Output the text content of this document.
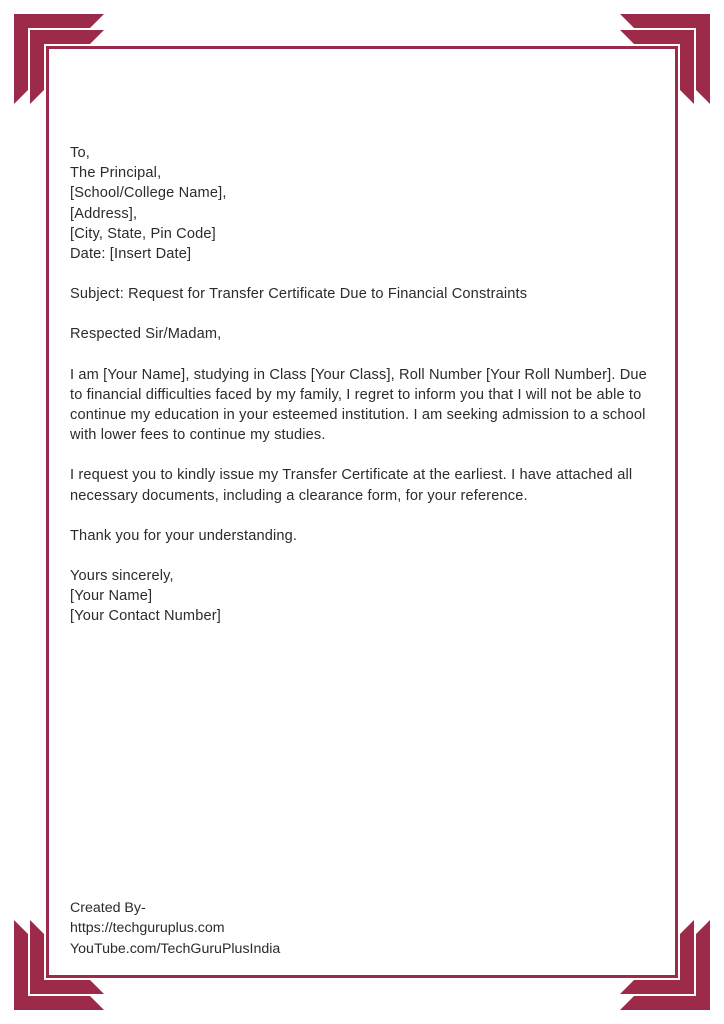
To,
The Principal,
[School/College Name],
[Address],
[City, State, Pin Code]
Date: [Insert Date]

Subject: Request for Transfer Certificate Due to Financial Constraints

Respected Sir/Madam,

I am [Your Name], studying in Class [Your Class], Roll Number [Your Roll Number]. Due to financial difficulties faced by my family, I regret to inform you that I will not be able to continue my education in your esteemed institution. I am seeking admission to a school with lower fees to continue my studies.

I request you to kindly issue my Transfer Certificate at the earliest. I have attached all necessary documents, including a clearance form, for your reference.

Thank you for your understanding.

Yours sincerely,
[Your Name]
[Your Contact Number]
Created By-
https://techguruplus.com
YouTube.com/TechGuruPlusIndia
